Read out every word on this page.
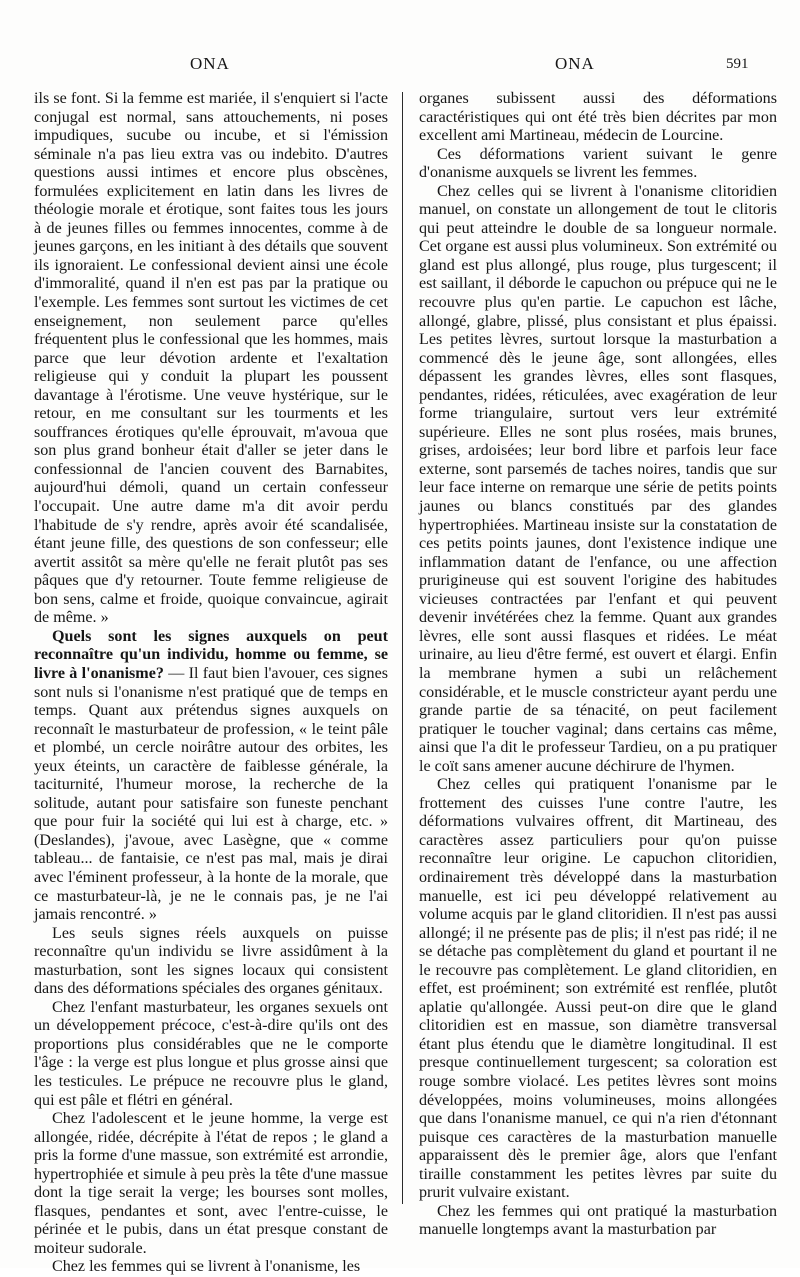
ONA	ONA	591

ils se font. Si la femme est mariée, il s'enquiert si l'acte conjugal est normal, sans attouchements, ni poses impudiques, sucube ou incube, et si l'émission séminale n'a pas lieu extra vas ou indebito. D'autres questions aussi intimes et encore plus obscènes, formulées explicitement en latin dans les livres de théologie morale et érotique, sont faites tous les jours à de jeunes filles ou femmes innocentes, comme à de jeunes garçons, en les initiant à des détails que souvent ils ignoraient. Le confessional devient ainsi une école d'immoralité, quand il n'en est pas par la pratique ou l'exemple. Les femmes sont surtout les victimes de cet enseignement, non seulement parce qu'elles fréquentent plus le confessional que les hommes, mais parce que leur dévotion ardente et l'exaltation religieuse qui y conduit la plupart les poussent davantage à l'érotisme. Une veuve hystérique, sur le retour, en me consultant sur les tourments et les souffrances érotiques qu'elle éprouvait, m'avoua que son plus grand bonheur était d'aller se jeter dans le confessionnal de l'ancien couvent des Barnabites, aujourd'hui démoli, quand un certain confesseur l'occupait. Une autre dame m'a dit avoir perdu l'habitude de s'y rendre, après avoir été scandalisée, étant jeune fille, des questions de son confesseur; elle avertit assitôt sa mère qu'elle ne ferait plutôt pas ses pâques que d'y retourner. Toute femme religieuse de bon sens, calme et froide, quoique convaincue, agirait de même. »

Quels sont les signes auxquels on peut reconnaître qu'un individu, homme ou femme, se livre à l'onanisme? — Il faut bien l'avouer, ces signes sont nuls si l'onanisme n'est pratiqué que de temps en temps. Quant aux prétendus signes auxquels on reconnaît le masturbateur de profession, « le teint pâle et plombé, un cercle noirâtre autour des orbites, les yeux éteints, un caractère de faiblesse générale, la taciturnité, l'humeur morose, la recherche de la solitude, autant pour satisfaire son funeste penchant que pour fuir la société qui lui est à charge, etc. » (Deslandes), j'avoue, avec Lasègne, que « comme tableau... de fantaisie, ce n'est pas mal, mais je dirai avec l'éminent professeur, à la honte de la morale, que ce masturbateur-là, je ne le connais pas, je ne l'ai jamais rencontré. »

Les seuls signes réels auxquels on puisse reconnaître qu'un individu se livre assidûment à la masturbation, sont les signes locaux qui consistent dans des déformations spéciales des organes génitaux.

Chez l'enfant masturbateur, les organes sexuels ont un développement précoce, c'est-à-dire qu'ils ont des proportions plus considérables que ne le comporte l'âge : la verge est plus longue et plus grosse ainsi que les testicules. Le prépuce ne recouvre plus le gland, qui est pâle et flétri en général.

Chez l'adolescent et le jeune homme, la verge est allongée, ridée, décrépite à l'état de repos ; le gland a pris la forme d'une massue, son extrémité est arrondie, hypertrophiée et simule à peu près la tête d'une massue dont la tige serait la verge; les bourses sont molles, flasques, pendantes et sont, avec l'entre-cuisse, le périnée et le pubis, dans un état presque constant de moiteur sudorale.

Chez les femmes qui se livrent à l'onanisme, les

organes subissent aussi des déformations caractéristiques qui ont été très bien décrites par mon excellent ami Martineau, médecin de Lourcine.

Ces déformations varient suivant le genre d'onanisme auxquels se livrent les femmes.

Chez celles qui se livrent à l'onanisme clitoridien manuel, on constate un allongement de tout le clitoris qui peut atteindre le double de sa longueur normale. Cet organe est aussi plus volumineux. Son extrémité ou gland est plus allongé, plus rouge, plus turgescent; il est saillant, il déborde le capuchon ou prépuce qui ne le recouvre plus qu'en partie. Le capuchon est lâche, allongé, glabre, plissé, plus consistant et plus épaissi. Les petites lèvres, surtout lorsque la masturbation a commencé dès le jeune âge, sont allongées, elles dépassent les grandes lèvres, elles sont flasques, pendantes, ridées, réticulées, avec exagération de leur forme triangulaire, surtout vers leur extrémité supérieure. Elles ne sont plus rosées, mais brunes, grises, ardoisées; leur bord libre et parfois leur face externe, sont parsemés de taches noires, tandis que sur leur face interne on remarque une série de petits points jaunes ou blancs constitués par des glandes hypertrophiées. Martineau insiste sur la constatation de ces petits points jaunes, dont l'existence indique une inflammation datant de l'enfance, ou une affection prurigineuse qui est souvent l'origine des habitudes vicieuses contractées par l'enfant et qui peuvent devenir invétérées chez la femme. Quant aux grandes lèvres, elle sont aussi flasques et ridées. Le méat urinaire, au lieu d'être fermé, est ouvert et élargi. Enfin la membrane hymen a subi un relâchement considérable, et le muscle constricteur ayant perdu une grande partie de sa ténacité, on peut facilement pratiquer le toucher vaginal; dans certains cas même, ainsi que l'a dit le professeur Tardieu, on a pu pratiquer le coït sans amener aucune déchirure de l'hymen.

Chez celles qui pratiquent l'onanisme par le frottement des cuisses l'une contre l'autre, les déformations vulvaires offrent, dit Martineau, des caractères assez particuliers pour qu'on puisse reconnaître leur origine. Le capuchon clitoridien, ordinairement très développé dans la masturbation manuelle, est ici peu développé relativement au volume acquis par le gland clitoridien. Il n'est pas aussi allongé; il ne présente pas de plis; il n'est pas ridé; il ne se détache pas complètement du gland et pourtant il ne le recouvre pas complètement. Le gland clitoridien, en effet, est proéminent; son extrémité est renflée, plutôt aplatie qu'allongée. Aussi peut-on dire que le gland clitoridien est en massue, son diamètre transversal étant plus étendu que le diamètre longitudinal. Il est presque continuellement turgescent; sa coloration est rouge sombre violacé. Les petites lèvres sont moins développées, moins volumineuses, moins allongées que dans l'onanisme manuel, ce qui n'a rien d'étonnant puisque ces caractères de la masturbation manuelle apparaissent dès le premier âge, alors que l'enfant tiraille constamment les petites lèvres par suite du prurit vulvaire existant.

Chez les femmes qui ont pratiqué la masturbation manuelle longtemps avant la masturbation par
